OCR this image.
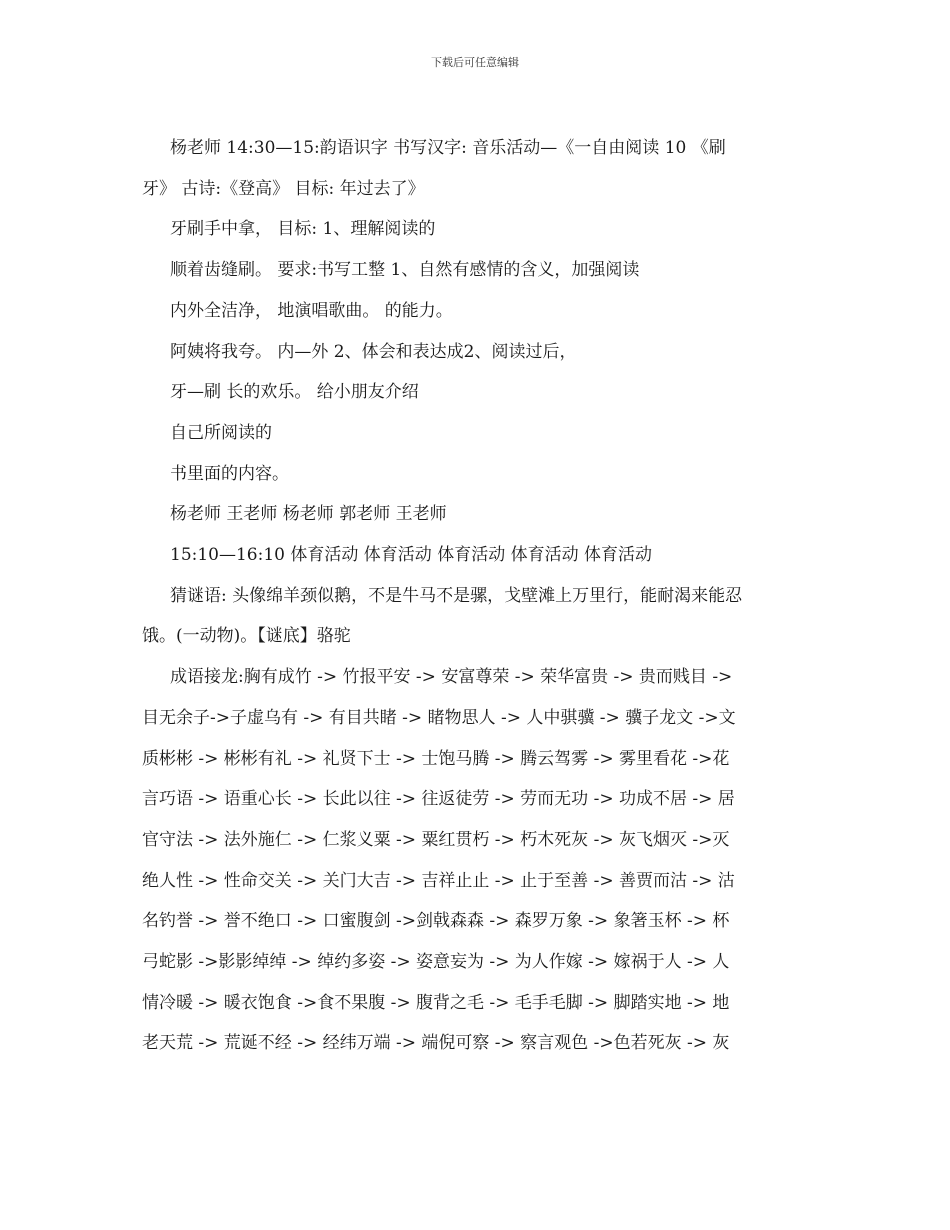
下载后可任意编辑

杨老师 14:30—15:韵语识字 书写汉字: 音乐活动—《一自由阅读 10 《刷

牙》 古诗:《登高》 目标: 年过去了》

牙刷手中拿， 目标: 1、理解阅读的

顺着齿缝刷。 要求:书写工整 1、自然有感情的含义，加强阅读

内外全洁净， 地演唱歌曲。 的能力。

阿姨将我夸。 内—外 2、体会和表达成2、阅读过后，

牙—刷 长的欢乐。 给小朋友介绍

自己所阅读的

书里面的内容。

杨老师 王老师 杨老师 郭老师 王老师

15:10—16:10 体育活动 体育活动 体育活动 体育活动 体育活动

猜谜语: 头像绵羊颈似鹅，不是牛马不是骡，戈壁滩上万里行，能耐渴来能忍

饿。(一动物)。【谜底】骆驼

成语接龙:胸有成竹 -> 竹报平安 -> 安富尊荣 -> 荣华富贵 -> 贵而贱目 ->

目无余子->子虚乌有 -> 有目共睹 -> 睹物思人 -> 人中骐骥 -> 骥子龙文 ->文

质彬彬 -> 彬彬有礼 -> 礼贤下士 -> 士饱马腾 -> 腾云驾雾 -> 雾里看花 ->花

言巧语 -> 语重心长 -> 长此以往 -> 往返徒劳 -> 劳而无功 -> 功成不居 -> 居

官守法 -> 法外施仁 -> 仁浆义粟 -> 粟红贯朽 -> 朽木死灰 -> 灰飞烟灭 ->灭

绝人性 -> 性命交关 -> 关门大吉 -> 吉祥止止 -> 止于至善 -> 善贾而沽 -> 沽

名钓誉 -> 誉不绝口 -> 口蜜腹剑 ->剑戟森森 -> 森罗万象 -> 象箸玉杯 -> 杯

弓蛇影 ->影影绰绰 -> 绰约多姿 -> 姿意妄为 -> 为人作嫁 -> 嫁祸于人 -> 人

情冷暖 -> 暖衣饱食 ->食不果腹 -> 腹背之毛 -> 毛手毛脚 -> 脚踏实地 -> 地

老天荒 -> 荒诞不经 -> 经纬万端 -> 端倪可察 -> 察言观色 ->色若死灰 -> 灰
